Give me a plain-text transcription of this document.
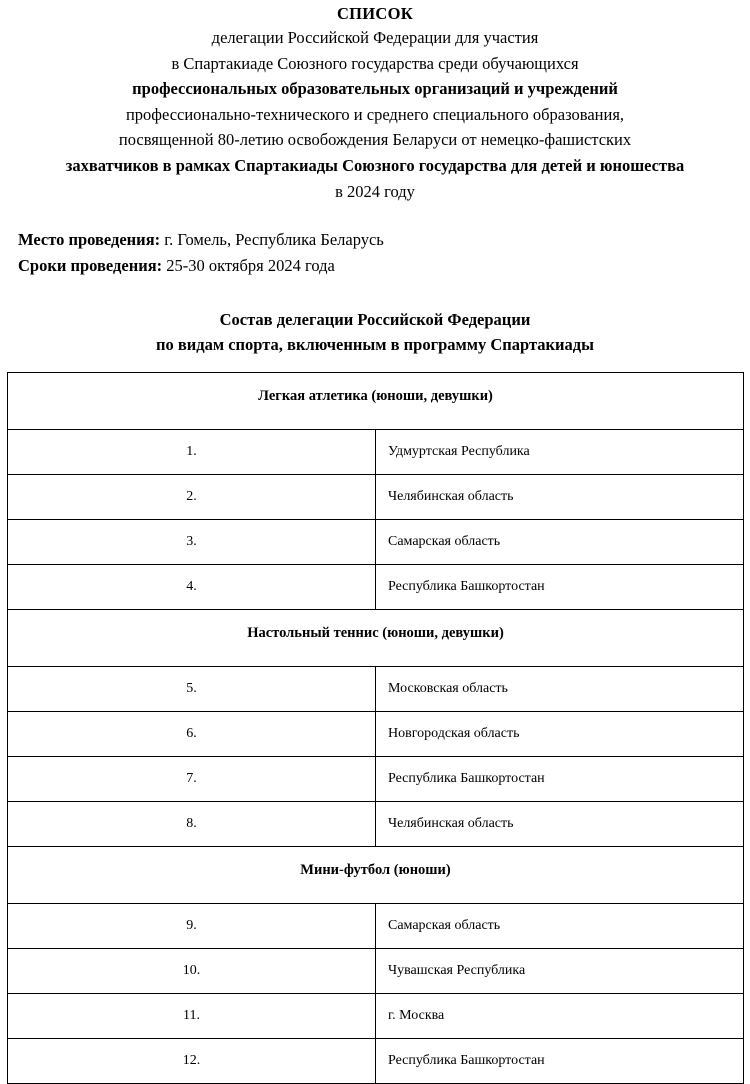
СПИСОК
делегации Российской Федерации для участия
в Спартакиаде Союзного государства среди обучающихся
профессиональных образовательных организаций и учреждений
профессионально-технического и среднего специального образования,
посвященной 80-летию освобождения Беларуси от немецко-фашистских
захватчиков в рамках Спартакиады Союзного государства для детей и юношества
в 2024 году
Место проведения: г. Гомель, Республика Беларусь
Сроки проведения: 25-30 октября 2024 года
Состав делегации Российской Федерации
по видам спорта, включенным в программу Спартакиады
Легкая атлетика (юноши, девушки)	
1.	Удмуртская Республика
2.	Челябинская область
3.	Самарская область
4.	Республика Башкортостан
Настольный теннис (юноши, девушки)	
5.	Московская область
6.	Новгородская область
7.	Республика Башкортостан
8.	Челябинская область
Мини-футбол (юноши)	
9.	Самарская область
10.	Чувашская Республика
11.	г. Москва
12.	Республика Башкортостан
